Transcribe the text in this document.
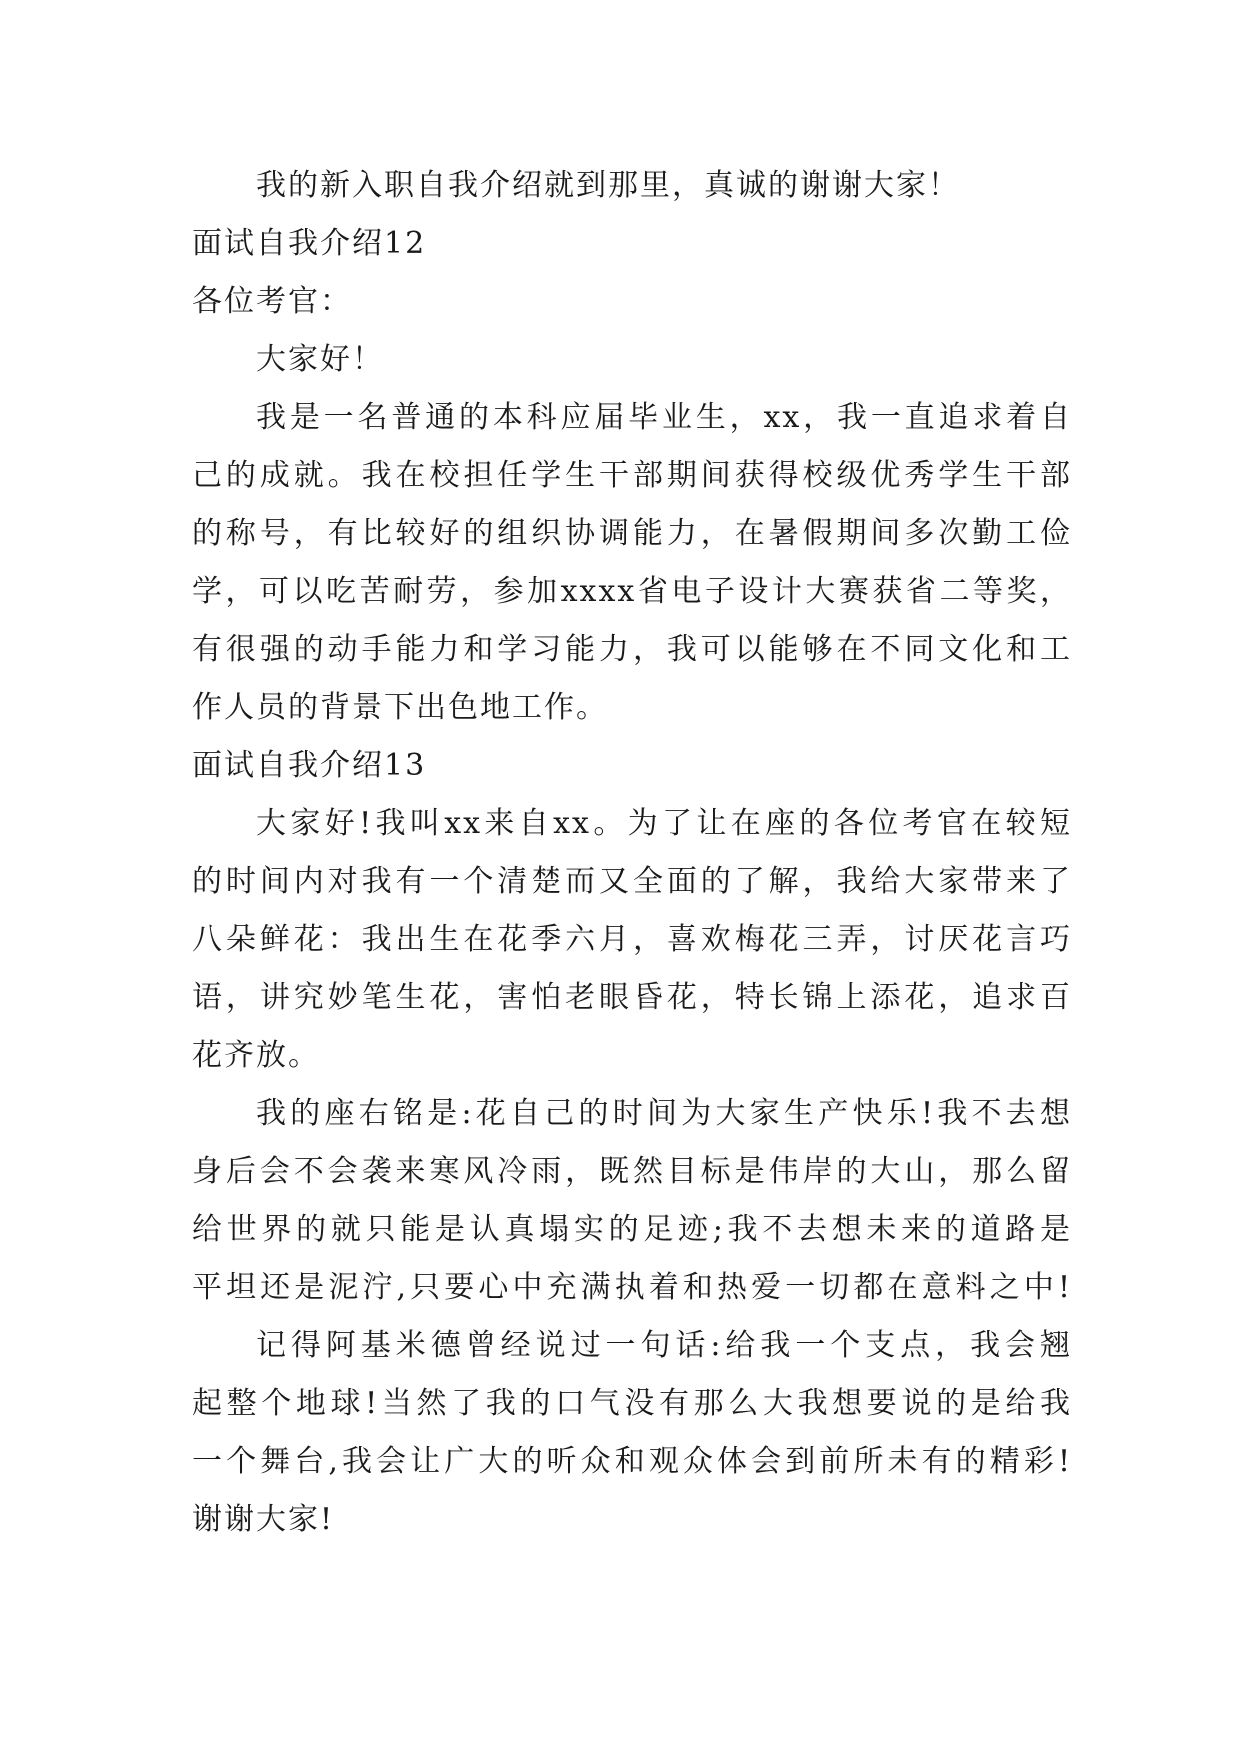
我的新入职自我介绍就到那里，真诚的谢谢大家！
面试自我介绍12
各位考官：
大家好！
我是一名普通的本科应届毕业生，xx，我一直追求着自
己的成就。我在校担任学生干部期间获得校级优秀学生干部
的称号，有比较好的组织协调能力，在暑假期间多次勤工俭
学，可以吃苦耐劳，参加xxxx省电子设计大赛获省二等奖，
有很强的动手能力和学习能力，我可以能够在不同文化和工
作人员的背景下出色地工作。
面试自我介绍13
大家好!我叫xx来自xx。为了让在座的各位考官在较短
的时间内对我有一个清楚而又全面的了解，我给大家带来了
八朵鲜花：我出生在花季六月，喜欢梅花三弄，讨厌花言巧
语，讲究妙笔生花，害怕老眼昏花，特长锦上添花，追求百
花齐放。
我的座右铭是:花自己的时间为大家生产快乐!我不去想
身后会不会袭来寒风冷雨，既然目标是伟岸的大山，那么留
给世界的就只能是认真塌实的足迹;我不去想未来的道路是
平坦还是泥泞,只要心中充满执着和热爱一切都在意料之中!
记得阿基米德曾经说过一句话:给我一个支点，我会翘
起整个地球!当然了我的口气没有那么大我想要说的是给我
一个舞台,我会让广大的听众和观众体会到前所未有的精彩!
谢谢大家!
